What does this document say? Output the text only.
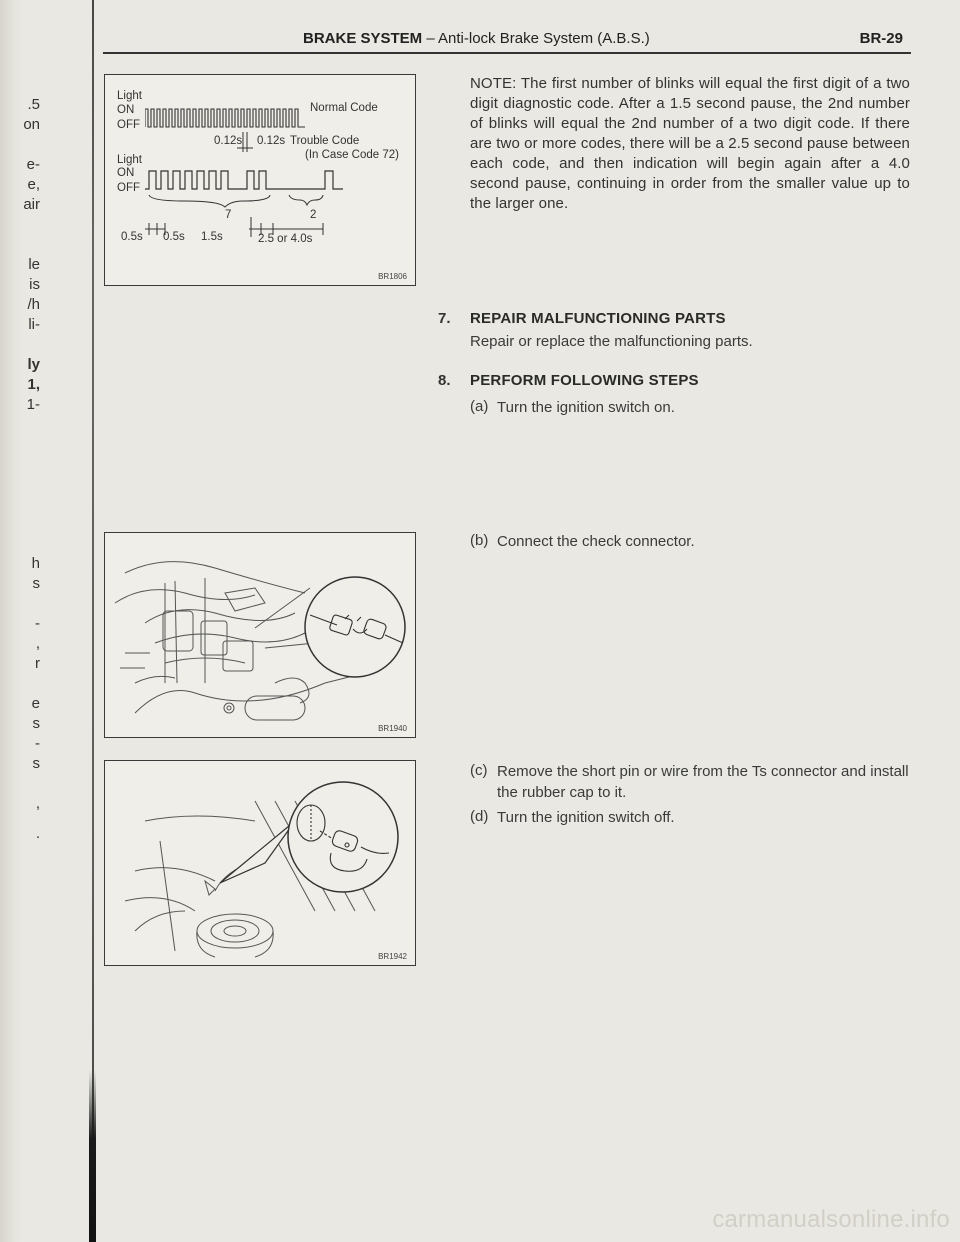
.5
on
e-
e,
air
le
is
/h
li-
ly
1,
1-
h
s
-
,
r
e
s
-
s
,
.
BRAKE SYSTEM – Anti-lock Brake System (A.B.S.)	BR-29
Light
ON
OFF
Normal Code
0.12s 0.12s Trouble Code
(In Case Code 72)
Light
ON
OFF
7	2
0.5s 0.5s 1.5s	2.5 or 4.0s
BR1806
BR1940
BR1942
NOTE: The first number of blinks will equal the first digit of a two digit diagnostic code. After a 1.5 second pause, the 2nd number of blinks will equal the 2nd number of a two digit code. If there are two or more codes, there will be a 2.5 second pause between each code, and then indication will begin again after a 4.0 second pause, continuing in order from the smaller value up to the larger one.
7. REPAIR MALFUNCTIONING PARTS
Repair or replace the malfunctioning parts.
8. PERFORM FOLLOWING STEPS
(a) Turn the ignition switch on.
(b) Connect the check connector.
(c) Remove the short pin or wire from the Ts connector and install the rubber cap to it.
(d) Turn the ignition switch off.
carmanualsonline.info
